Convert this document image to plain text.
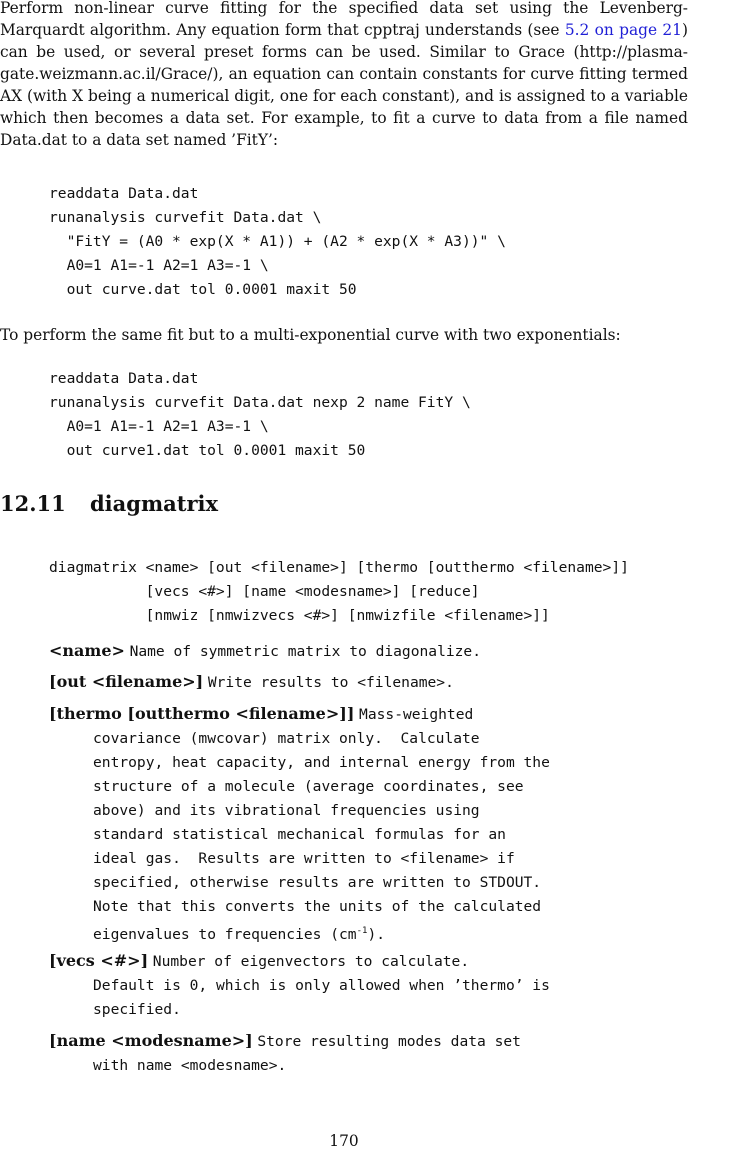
Perform non-linear curve fitting for the specified data set using the Levenberg-Marquardt algorithm. Any equation form that cpptraj understands (see 5.2 on page 21) can be used, or several preset forms can be used. Similar to Grace (http://plasma-gate.weizmann.ac.il/Grace/), an equation can contain constants for curve fitting termed AX (with X being a numerical digit, one for each constant), and is assigned to a variable which then becomes a data set. For example, to fit a curve to data from a file named Data.dat to a data set named ’FitY’:
readdata Data.dat
runanalysis curvefit Data.dat \
"FitY = (A0 * exp(X * A1)) + (A2 * exp(X * A3))" \
A0=1 A1=-1 A2=1 A3=-1 \
out curve.dat tol 0.0001 maxit 50
To perform the same fit but to a multi-exponential curve with two exponentials:
readdata Data.dat
runanalysis curvefit Data.dat nexp 2 name FitY \
A0=1 A1=-1 A2=1 A3=-1 \
out curve1.dat tol 0.0001 maxit 50
12.11 diagmatrix
diagmatrix <name> [out <filename>] [thermo [outthermo <filename>]]
[vecs <#>] [name <modesname>] [reduce]
[nmwiz [nmwizvecs <#>] [nmwizfile <filename>]]
<name> Name of symmetric matrix to diagonalize.
[out <filename>] Write results to <filename>.
[thermo [outthermo <filename>]] Mass-weighted
covariance (mwcovar) matrix only.  Calculate
entropy, heat capacity, and internal energy from the
structure of a molecule (average coordinates, see
above) and its vibrational frequencies using
standard statistical mechanical formulas for an
ideal gas.  Results are written to <filename> if
specified, otherwise results are written to STDOUT.
Note that this converts the units of the calculated
eigenvalues to frequencies $(cm^{-1})$.
[vecs <#>] Number of eigenvectors to calculate.
Default is 0, which is only allowed when ’thermo’ is
specified.
[name <modesname>] Store resulting modes data set
with name <modesname>.
170
